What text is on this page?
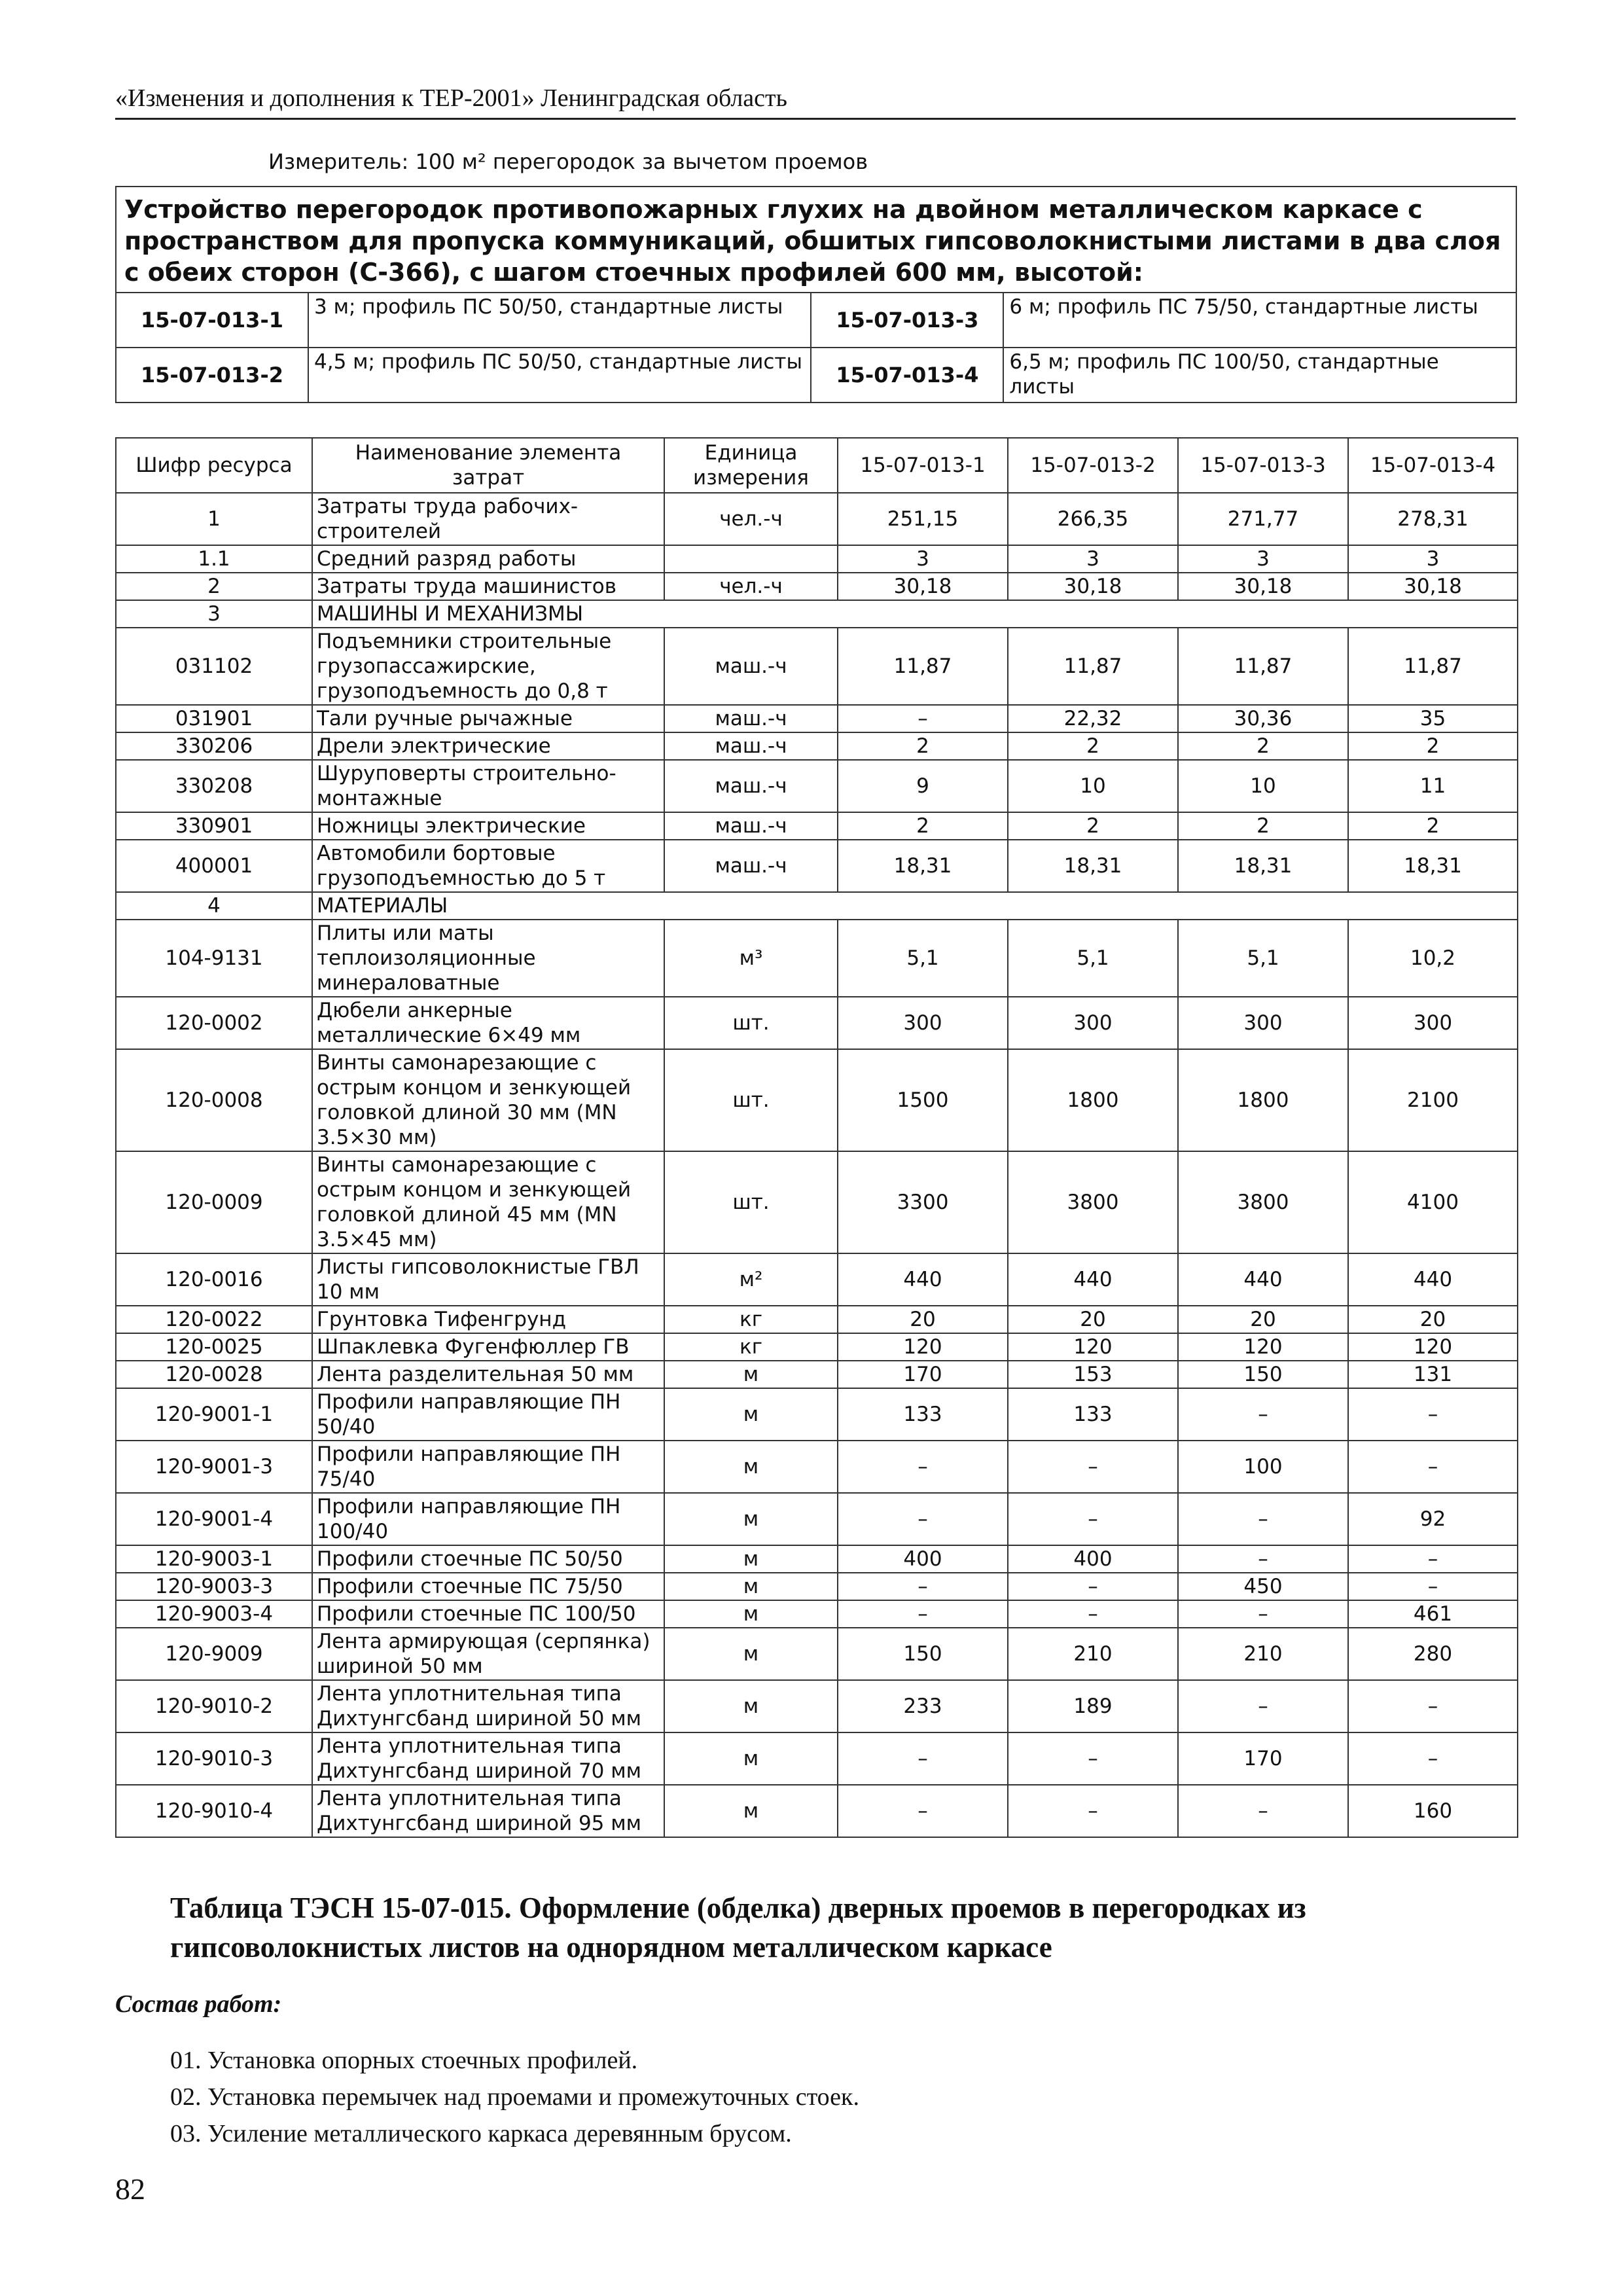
«Изменения и дополнения к ТЕР-2001» Ленинградская область
Измеритель: 100 м² перегородок за вычетом проемов
Устройство перегородок противопожарных глухих на двойном металлическом каркасе с пространством для пропуска коммуникаций, обшитых гипсоволокнистыми листами в два слоя с обеих сторон (С-366), с шагом стоечных профилей 600 мм, высотой:			
15-07-013-1	3 м; профиль ПС 50/50, стандартные листы	15-07-013-3	6 м; профиль ПС 75/50, стандартные листы
15-07-013-2	4,5 м; профиль ПС 50/50, стандартные листы	15-07-013-4	6,5 м; профиль ПС 100/50, стандартные листы
Шифр ресурса	Наименование элемента затрат	Единица измерения	15-07-013-1	15-07-013-2	15-07-013-3	15-07-013-4
1	Затраты труда рабочих-строителей	чел.-ч	251,15	266,35	271,77	278,31
1.1	Средний разряд работы		3	3	3	3
2	Затраты труда машинистов	чел.-ч	30,18	30,18	30,18	30,18
3	МАШИНЫ И МЕХАНИЗМЫ					
031102	Подъемники строительные грузопассажирские, грузоподъемность до 0,8 т	маш.-ч	11,87	11,87	11,87	11,87
031901	Тали ручные рычажные	маш.-ч	–	22,32	30,36	35
330206	Дрели электрические	маш.-ч	2	2	2	2
330208	Шуруповерты строительно-монтажные	маш.-ч	9	10	10	11
330901	Ножницы электрические	маш.-ч	2	2	2	2
400001	Автомобили бортовые грузоподъемностью до 5 т	маш.-ч	18,31	18,31	18,31	18,31
4	МАТЕРИАЛЫ					
104-9131	Плиты или маты теплоизоляционные минераловатные	м³	5,1	5,1	5,1	10,2
120-0002	Дюбели анкерные металлические 6×49 мм	шт.	300	300	300	300
120-0008	Винты самонарезающие с острым концом и зенкующей головкой длиной 30 мм (MN 3.5×30 мм)	шт.	1500	1800	1800	2100
120-0009	Винты самонарезающие с острым концом и зенкующей головкой длиной 45 мм (MN 3.5×45 мм)	шт.	3300	3800	3800	4100
120-0016	Листы гипсоволокнистые ГВЛ 10 мм	м²	440	440	440	440
120-0022	Грунтовка Тифенгрунд	кг	20	20	20	20
120-0025	Шпаклевка Фугенфюллер ГВ	кг	120	120	120	120
120-0028	Лента разделительная 50 мм	м	170	153	150	131
120-9001-1	Профили направляющие ПН 50/40	м	133	133	–	–
120-9001-3	Профили направляющие ПН 75/40	м	–	–	100	–
120-9001-4	Профили направляющие ПН 100/40	м	–	–	–	92
120-9003-1	Профили стоечные ПС 50/50	м	400	400	–	–
120-9003-3	Профили стоечные ПС 75/50	м	–	–	450	–
120-9003-4	Профили стоечные ПС 100/50	м	–	–	–	461
120-9009	Лента армирующая (серпянка) шириной 50 мм	м	150	210	210	280
120-9010-2	Лента уплотнительная типа Дихтунгсбанд шириной 50 мм	м	233	189	–	–
120-9010-3	Лента уплотнительная типа Дихтунгсбанд шириной 70 мм	м	–	–	170	–
120-9010-4	Лента уплотнительная типа Дихтунгсбанд шириной 95 мм	м	–	–	–	160
Таблица ТЭСН 15-07-015. Оформление (обделка) дверных проемов в перегородках из гипсоволокнистых листов на однорядном металлическом каркасе
Состав работ:
01. Установка опорных стоечных профилей.
02. Установка перемычек над проемами и промежуточных стоек.
03. Усиление металлического каркаса деревянным брусом.
82
